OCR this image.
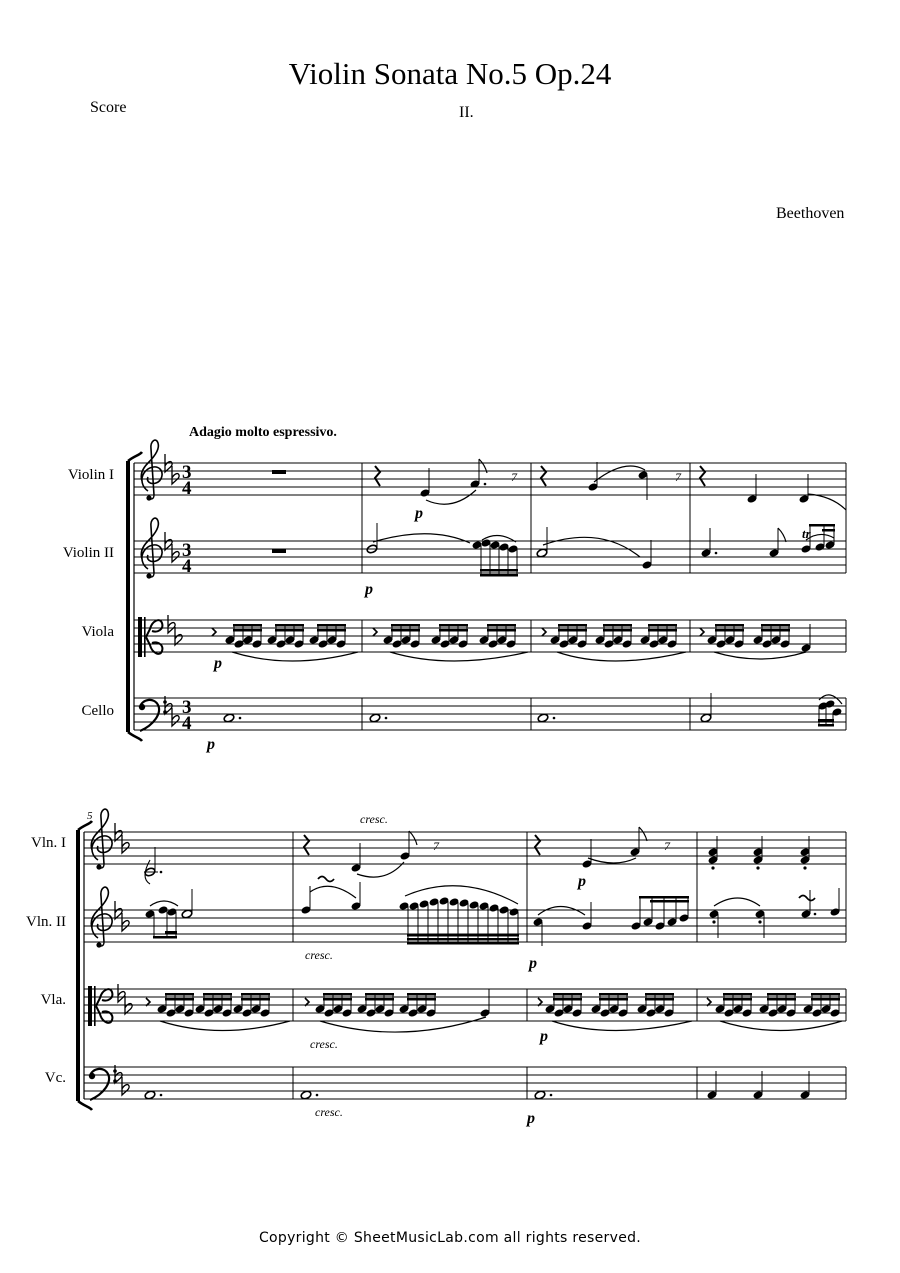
Violin Sonata No.5 Op.24
Score	II.
Beethoven
Adagio molto espressivo.
Violin I
Violin II
Viola
Cello
Vln. I
Vln. II
Vla.
Vc.
5
3
4
3
4
3
4
7	7
tr
p
p
p
p
7
cresc.
7
cresc.
cresc.
cresc.
p
p
p
p
Copyright © SheetMusicLab.com all rights reserved.
